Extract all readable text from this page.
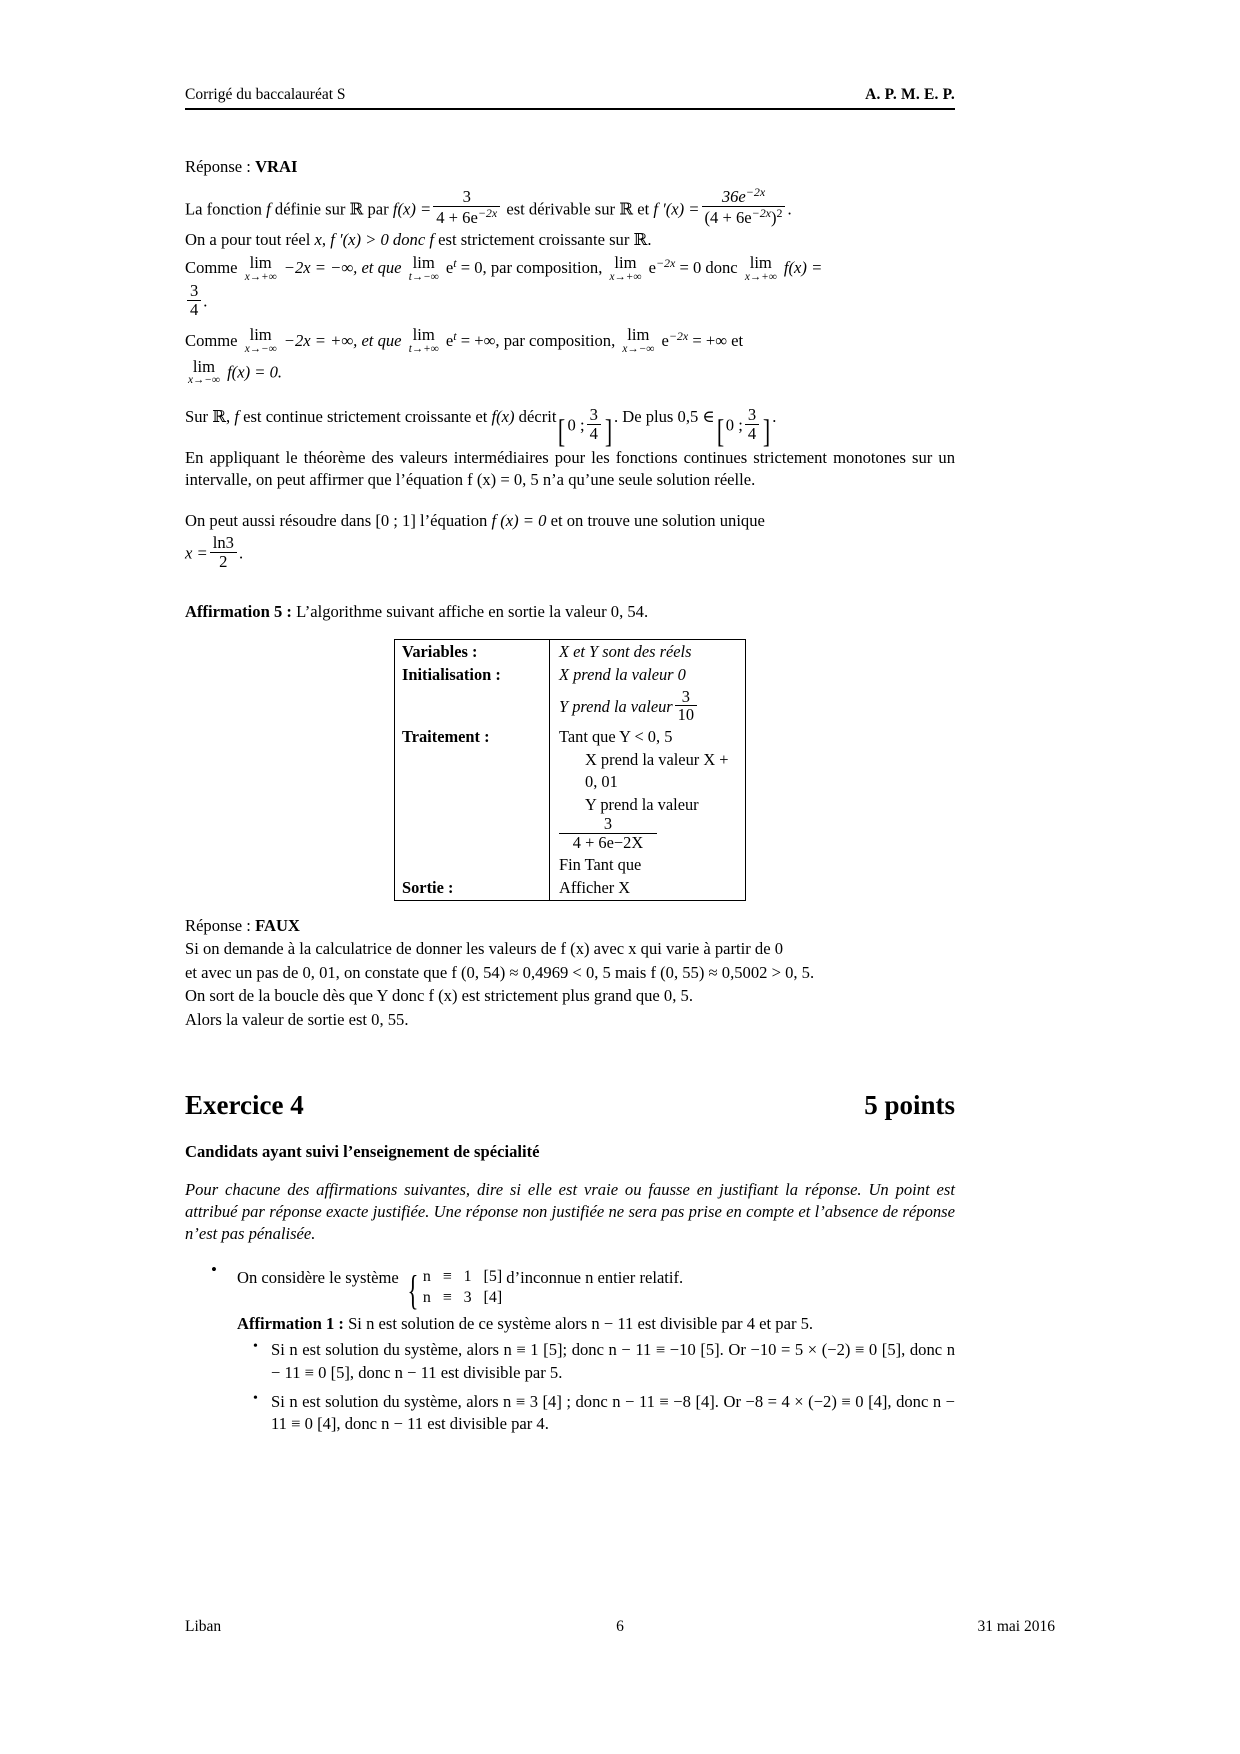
Corrigé du baccalauréat S	A. P. M. E. P.

Réponse : VRAI

La fonction f définie sur ℝ par $f(x) = \frac{3}{4 + 6e^{-2x}}$ est dérivable sur ℝ et f $'(x) = \frac{36e^{-2x}}{(4 + 6e^{-2x})^2}$ .

On a pour tout réel x, f ′(x) > 0 donc f est strictement croissante sur ℝ.

Comme lim
x→+∞ −2x = −∞, et que lim
t→−∞ $e^t = 0$, par composition, lim
x→+∞ $e^{-2x} = 0$ donc lim
x→+∞ f(x) =

$\frac{3}{4}$ .

Comme lim
x→−∞ −2x = +∞, et que lim
t→+∞ $e^t$ = +∞, par composition, lim
x→−∞ $e^{-2x}$ = +∞ et

lim
x→−∞ f(x) = 0.

Sur ℝ, f est continue strictement croissante et f(x) décrit[ 0 ; $\frac{3}{4}$ ] . De plus 0,5 ∈[ 0 ; $\frac{3}{4}$ ] .

En appliquant le théorème des valeurs intermédiaires pour les fonctions continues strictement monotones sur un intervalle, on peut affirmer que l’équation f (x) = 0, 5 n’a qu’une seule solution réelle.

On peut aussi résoudre dans [0 ; 1] l’équation f (x) = 0 et on trouve une solution unique

$x = \frac{\ln 3}{2}$ .

Affirmation 5 : L’algorithme suivant affiche en sortie la valeur 0, 54.

Variables :	X et Y sont des réels
Initialisation :	X prend la valeur 0
	Y prend la valeur $\frac{3}{10}$

Traitement :	Tant que Y < 0, 5
	X prend la valeur X + 0, 01
	Y prend la valeur
3
4 + 6e−2X

	Fin Tant que
Sortie :	Afficher X

Réponse : FAUX

Si on demande à la calculatrice de donner les valeurs de f (x) avec x qui varie à partir de 0

et avec un pas de 0, 01, on constate que f (0, 54) ≈ 0,4969 < 0, 5 mais f (0, 55) ≈ 0,5002 > 0, 5.

On sort de la boucle dès que Y donc f (x) est strictement plus grand que 0, 5.

Alors la valeur de sortie est 0, 55.

Exercice 4	5 points
Candidats ayant suivi l’enseignement de spécialité
Pour chacune des affirmations suivantes, dire si elle est vraie ou fausse en justifiant la réponse. Un point est attribué par réponse exacte justifiée. Une réponse non justifiée ne sera pas prise en compte et l’absence de réponse n’est pas pénalisée.
• On considère le système { n   ≡   1   [5]
n   ≡   3   [4]
d’inconnue n entier relatif.
Affirmation 1 : Si n est solution de ce système alors n − 11 est divisible par 4 et par 5.
• Si n est solution du système, alors n ≡ 1 [5]; donc n − 11 ≡ −10 [5]. Or −10 = 5 × (−2) ≡ 0 [5], donc n − 11 ≡ 0 [5], donc n − 11 est divisible par 5.
• Si n est solution du système, alors n ≡ 3 [4] ; donc n − 11 ≡ −8 [4]. Or −8 = 4 × (−2) ≡ 0 [4], donc n − 11 ≡ 0 [4], donc n − 11 est divisible par 4.
Liban	6	31 mai 2016
